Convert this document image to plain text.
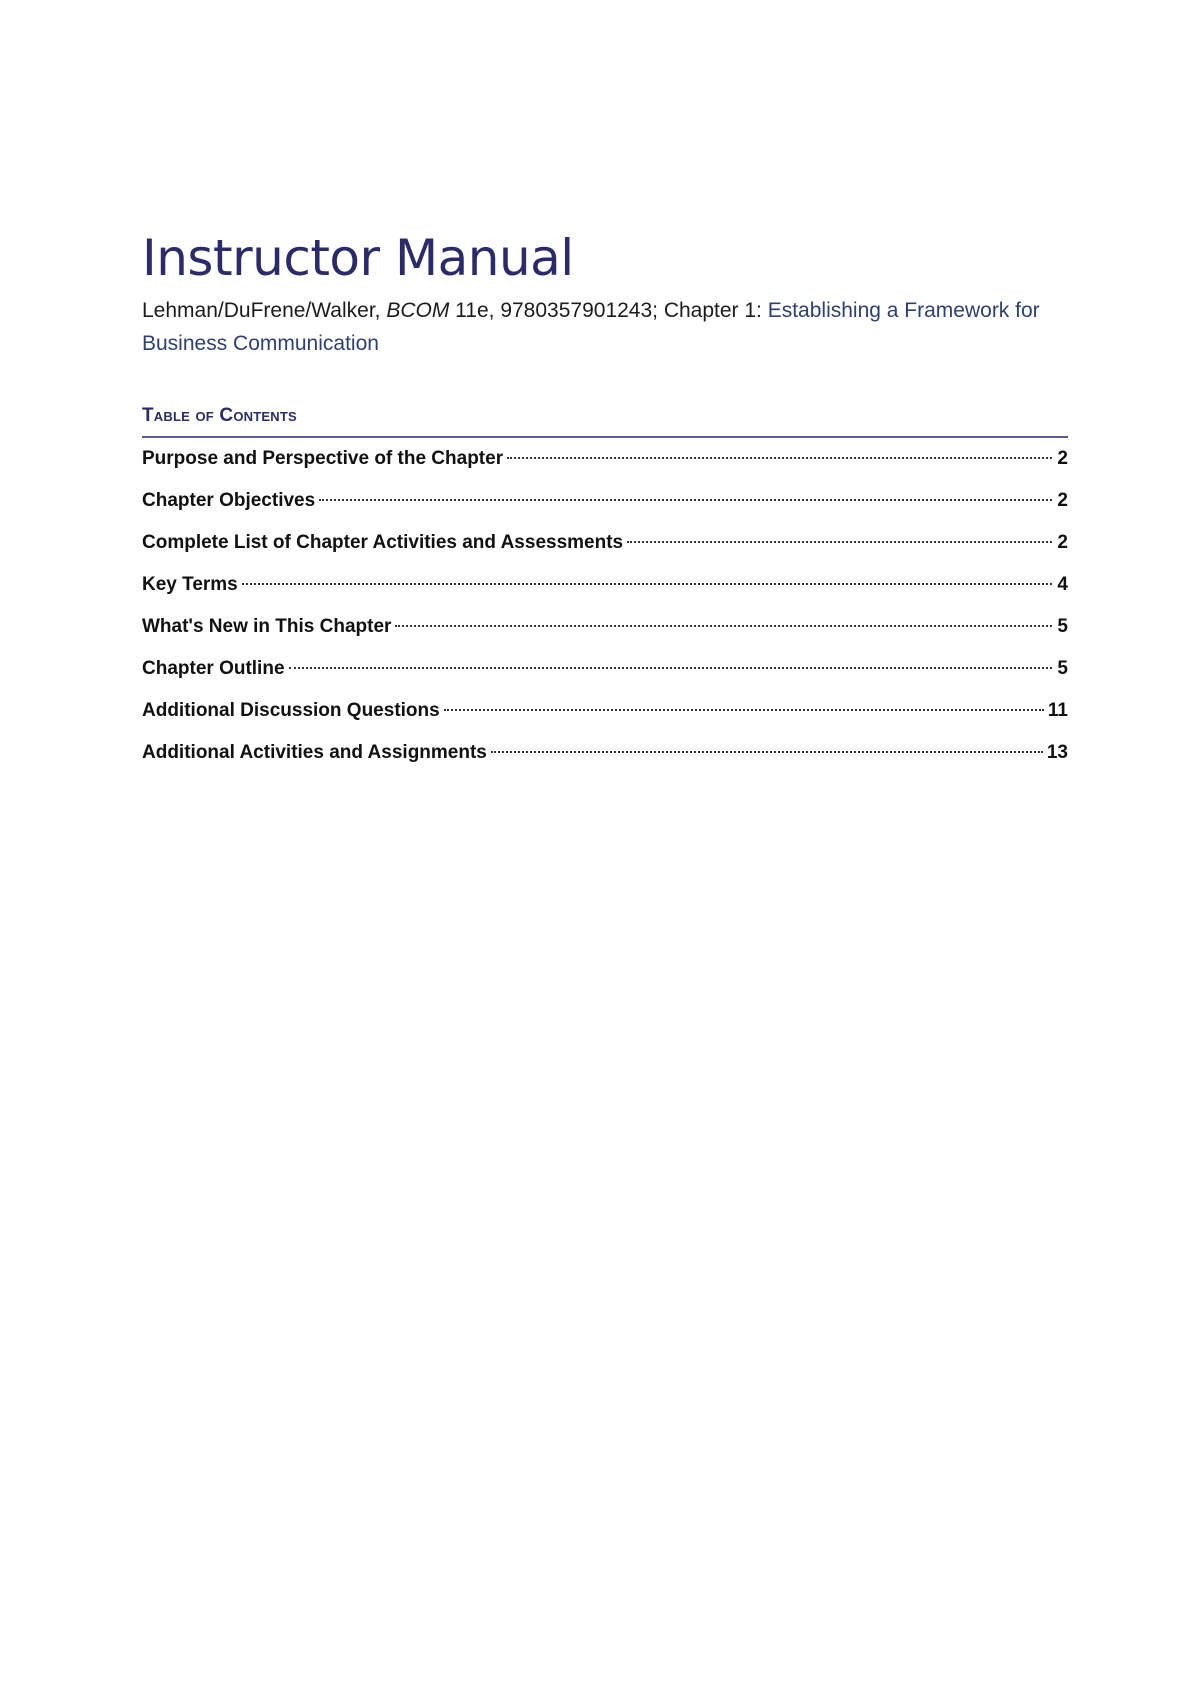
Instructor Manual

Lehman/DuFrene/Walker, BCOM 11e, 9780357901243; Chapter 1: Establishing a Framework for Business Communication

Table of Contents
Purpose and Perspective of the Chapter	2
Chapter Objectives	2
Complete List of Chapter Activities and Assessments	2
Key Terms	4
What's New in This Chapter	5
Chapter Outline	5
Additional Discussion Questions	11
Additional Activities and Assignments	13
